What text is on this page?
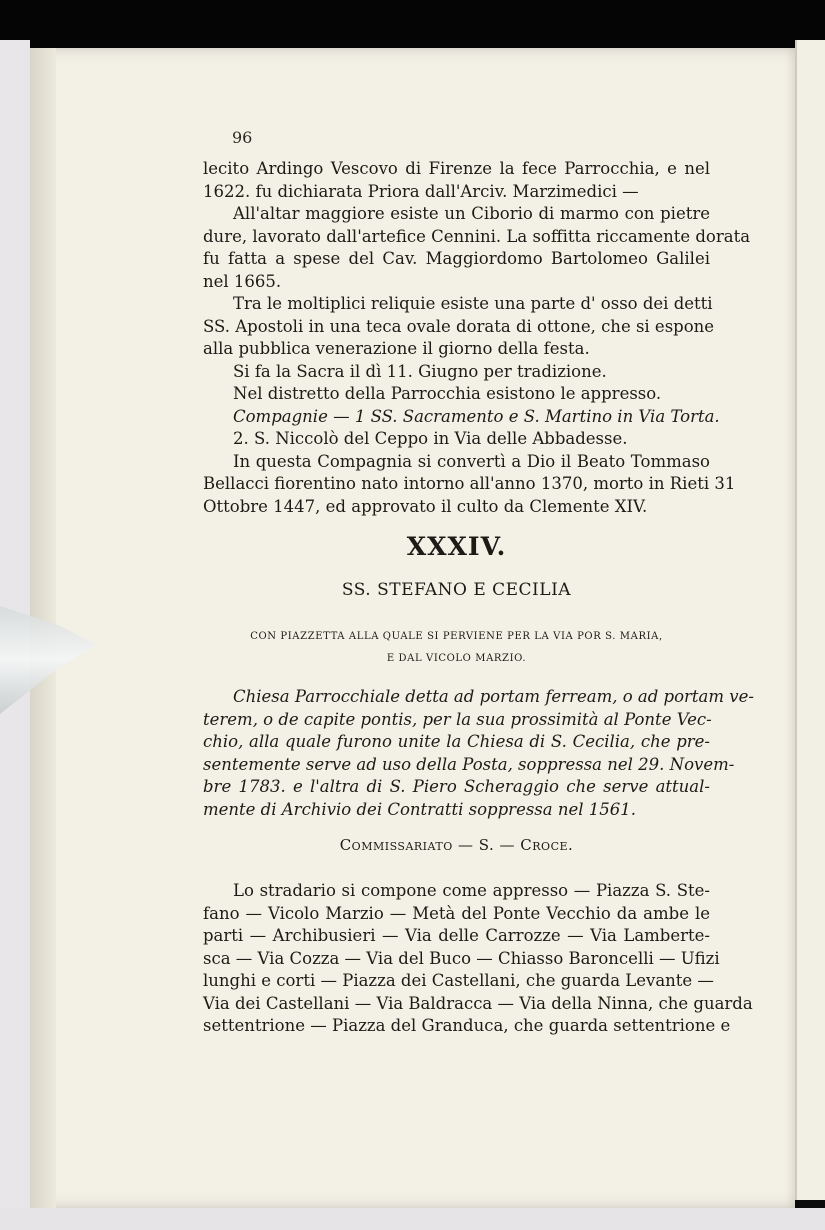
96
lecito Ardingo Vescovo di Firenze la fece Parrocchia, e nel
1622. fu dichiarata Priora dall'Arciv. Marzimedici —
All'altar maggiore esiste un Ciborio di marmo con pietre
dure, lavorato dall'artefice Cennini. La soffitta riccamente dorata
fu fatta a spese del Cav. Maggiordomo Bartolomeo Galilei
nel 1665.
Tra le moltiplici reliquie esiste una parte d' osso dei detti
SS. Apostoli in una teca ovale dorata di ottone, che si espone
alla pubblica venerazione il giorno della festa.
Si fa la Sacra il dì 11. Giugno per tradizione.
Nel distretto della Parrocchia esistono le appresso.
Compagnie — 1 SS. Sacramento e S. Martino in Via Torta.
2. S. Niccolò del Ceppo in Via delle Abbadesse.
In questa Compagnia si convertì a Dio il Beato Tommaso
Bellacci fiorentino nato intorno all'anno 1370, morto in Rieti 31
Ottobre 1447, ed approvato il culto da Clemente XIV.
XXXIV.
SS. STEFANO E CECILIA
CON PIAZZETTA ALLA QUALE SI PERVIENE PER LA VIA POR S. MARIA,
E DAL VICOLO MARZIO.
Chiesa Parrocchiale detta ad portam ferream, o ad portam ve-
terem, o de capite pontis, per la sua prossimità al Ponte Vec-
chio, alla quale furono unite la Chiesa di S. Cecilia, che pre-
sentemente serve ad uso della Posta, soppressa nel 29. Novem-
bre 1783. e l'altra di S. Piero Scheraggio che serve attual-
mente di Archivio dei Contratti soppressa nel 1561.
Commissariato — S. — Croce.
Lo stradario si compone come appresso — Piazza S. Ste-
fano — Vicolo Marzio — Metà del Ponte Vecchio da ambe le
parti — Archibusieri — Via delle Carrozze — Via Lamberte-
sca — Via Cozza — Via del Buco — Chiasso Baroncelli — Ufizi
lunghi e corti — Piazza dei Castellani, che guarda Levante —
Via dei Castellani — Via Baldracca — Via della Ninna, che guarda
settentrione — Piazza del Granduca, che guarda settentrione e
